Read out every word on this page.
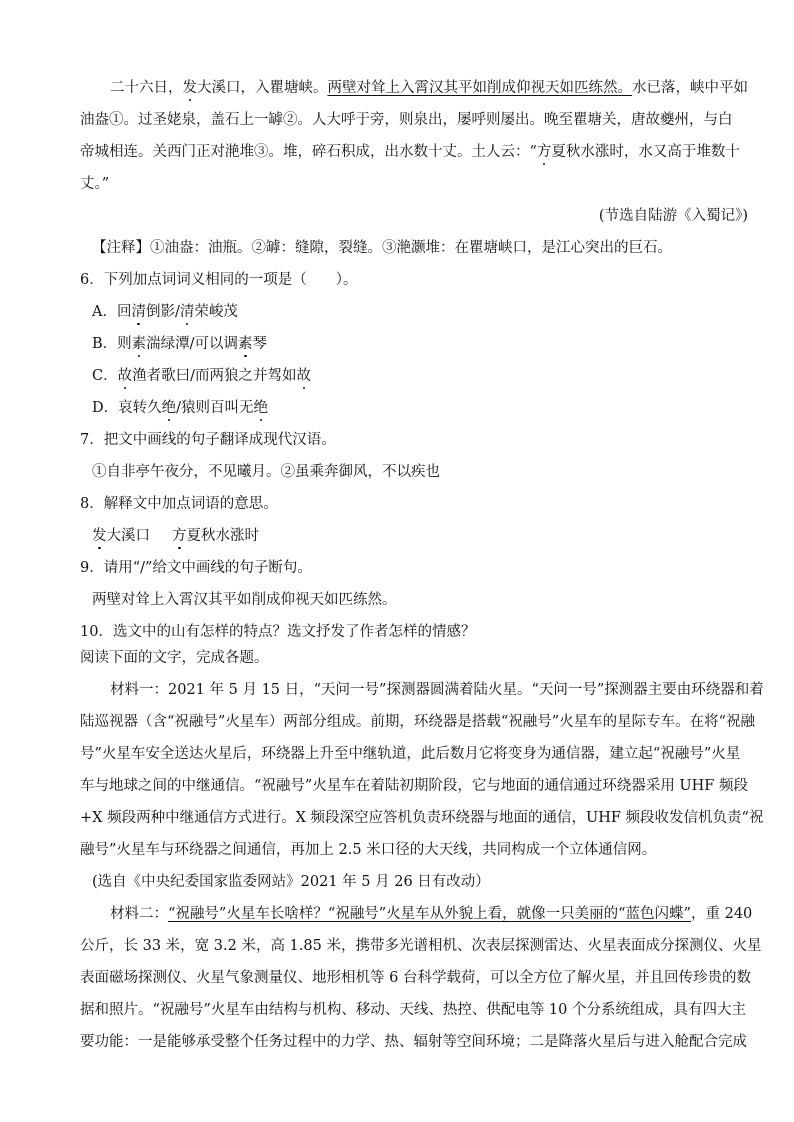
二十六日，发大溪口，入瞿塘峡。两壁对耸上入霄汉其平如削成仰视天如匹练然。水已落，峡中平如
油盎①。过圣姥泉，盖石上一罅②。人大呼于旁，则泉出，屡呼则屡出。晚至瞿塘关，唐故夔州，与白
帝城相连。关西门正对滟堆③。堆，碎石积成，出水数十丈。土人云：“方夏秋水涨时，水又高于堆数十
丈。”
(节选自陆游《入蜀记》)
【注释】①油盎：油瓶。②罅：缝隙，裂缝。③滟灏堆：在瞿塘峡口，是江心突出的巨石。
6．下列加点词词义相同的一项是（　　）。
A．回清倒影/清荣峻茂
B．则素湍绿潭/可以调素琴
C．故渔者歌曰/而两狼之并驾如故
D．哀转久绝/猿则百叫无绝
7．把文中画线的句子翻译成现代汉语。
①自非亭午夜分，不见曦月。②虽乘奔御风，不以疾也
8．解释文中加点词语的意思。
发大溪口 方夏秋水涨时
9．请用“/”给文中画线的句子断句。
两壁对耸上入霄汉其平如削成仰视天如匹练然。
10．选文中的山有怎样的特点？选文抒发了作者怎样的情感？
阅读下面的文字，完成各题。
材料一：2021 年 5 月 15 日，“天问一号”探测器圆满着陆火星。“天问一号”探测器主要由环绕器和着
陆巡视器（含“祝融号”火星车）两部分组成。前期，环绕器是搭载“祝融号”火星车的星际专车。在将“祝融
号”火星车安全送达火星后，环绕器上升至中继轨道，此后数月它将变身为通信器，建立起“祝融号”火星
车与地球之间的中继通信。“祝融号”火星车在着陆初期阶段，它与地面的通信通过环绕器采用 UHF 频段
+X 频段两种中继通信方式进行。X 频段深空应答机负责环绕器与地面的通信，UHF 频段收发信机负责“祝
融号”火星车与环绕器之间通信，再加上 2.5 米口径的大天线，共同构成一个立体通信网。
(选自《中央纪委国家监委网站》2021 年 5 月 26 日有改动）
材料二：“祝融号”火星车长啥样？“祝融号”火星车从外貌上看，就像一只美丽的“蓝色闪蝶”，重 240
公斤，长 33 米，宽 3.2 米，高 1.85 米，携带多光谱相机、次表层探测雷达、火星表面成分探测仪、火星
表面磁场探测仪、火星气象测量仪、地形相机等 6 台科学载荷，可以全方位了解火星，并且回传珍贵的数
据和照片。“祝融号”火星车由结构与机构、移动、天线、热控、供配电等 10 个分系统组成，具有四大主
要功能：一是能够承受整个任务过程中的力学、热、辐射等空间环境；二是降落火星后与进入舱配合完成
